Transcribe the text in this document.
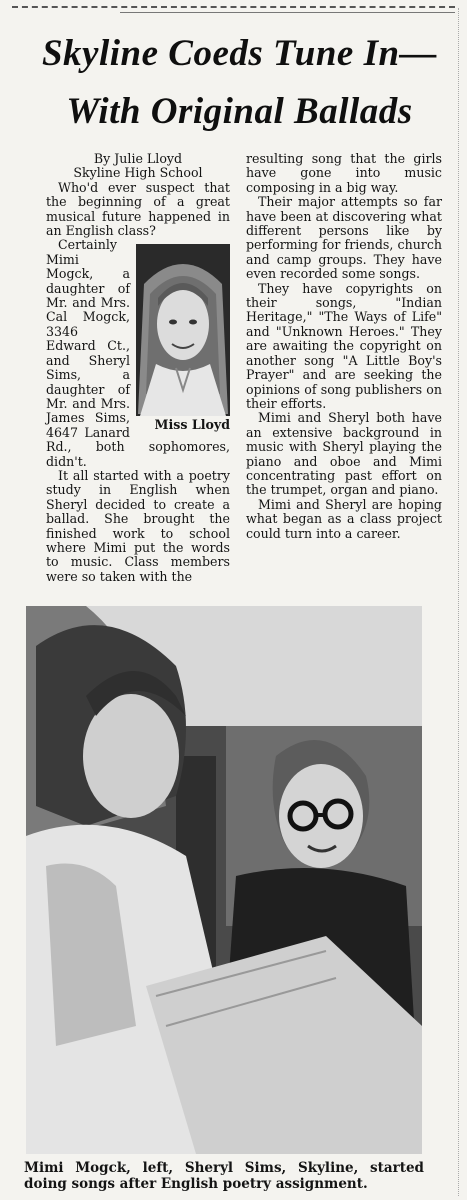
Skyline Coeds Tune In—
With Original Ballads

By Julie Lloyd

Skyline High School

Who'd ever suspect that the beginning of a great musical future happened in an English class?

Miss Lloyd

Certainly Mimi Mogck, a daughter of Mr. and Mrs. Cal Mogck, 3346 Edward Ct., and Sheryl Sims, a daughter of Mr. and Mrs. James Sims, 4647 Lanard Rd., both sophomores, didn't.

It all started with a poetry study in English when Sheryl decided to create a ballad. She brought the finished work to school where Mimi put the words to music. Class members were so taken with the

resulting song that the girls have gone into music composing in a big way.

Their major attempts so far have been at discovering what different persons like by performing for friends, church and camp groups. They have even recorded some songs.

They have copyrights on their songs, "Indian Heritage," "The Ways of Life" and "Unknown Heroes." They are awaiting the copyright on another song "A Little Boy's Prayer" and are seeking the opinions of song publishers on their efforts.

Mimi and Sheryl both have an extensive background in music with Sheryl playing the piano and oboe and Mimi concentrating past effort on the trumpet, organ and piano.

Mimi and Sheryl are hoping what began as a class project could turn into a career.

Mimi Mogck, left, Sheryl Sims, Skyline, started doing songs after English poetry assignment.
